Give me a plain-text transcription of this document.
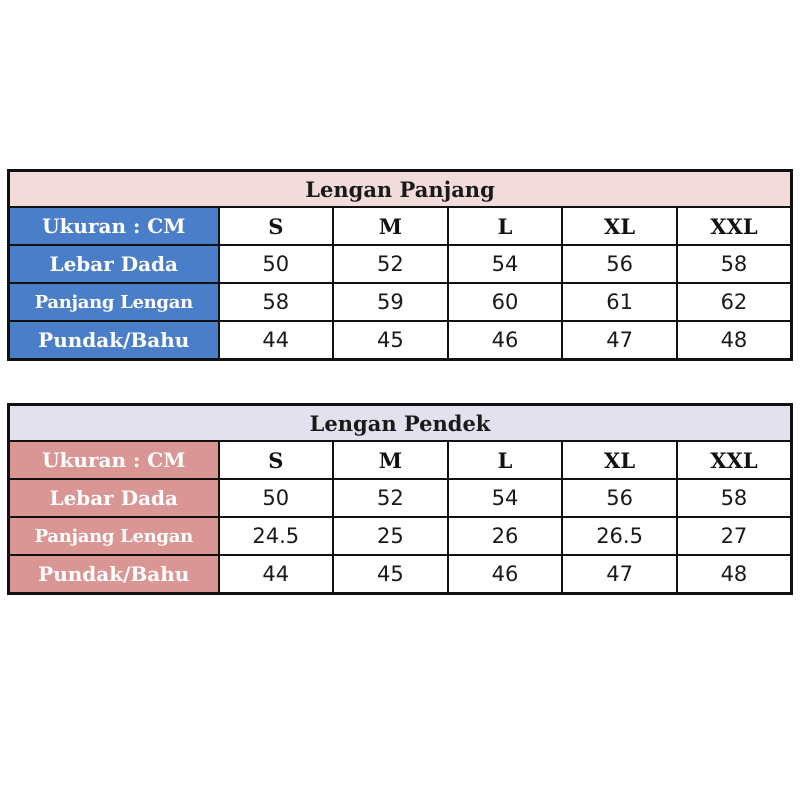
Lengan Panjang					
Ukuran : CM	S	M	L	XL	XXL
Lebar Dada	50	52	54	56	58
Panjang Lengan	58	59	60	61	62
Pundak/Bahu	44	45	46	47	48
Lengan Pendek					
Ukuran : CM	S	M	L	XL	XXL
Lebar Dada	50	52	54	56	58
Panjang Lengan	24.5	25	26	26.5	27
Pundak/Bahu	44	45	46	47	48
